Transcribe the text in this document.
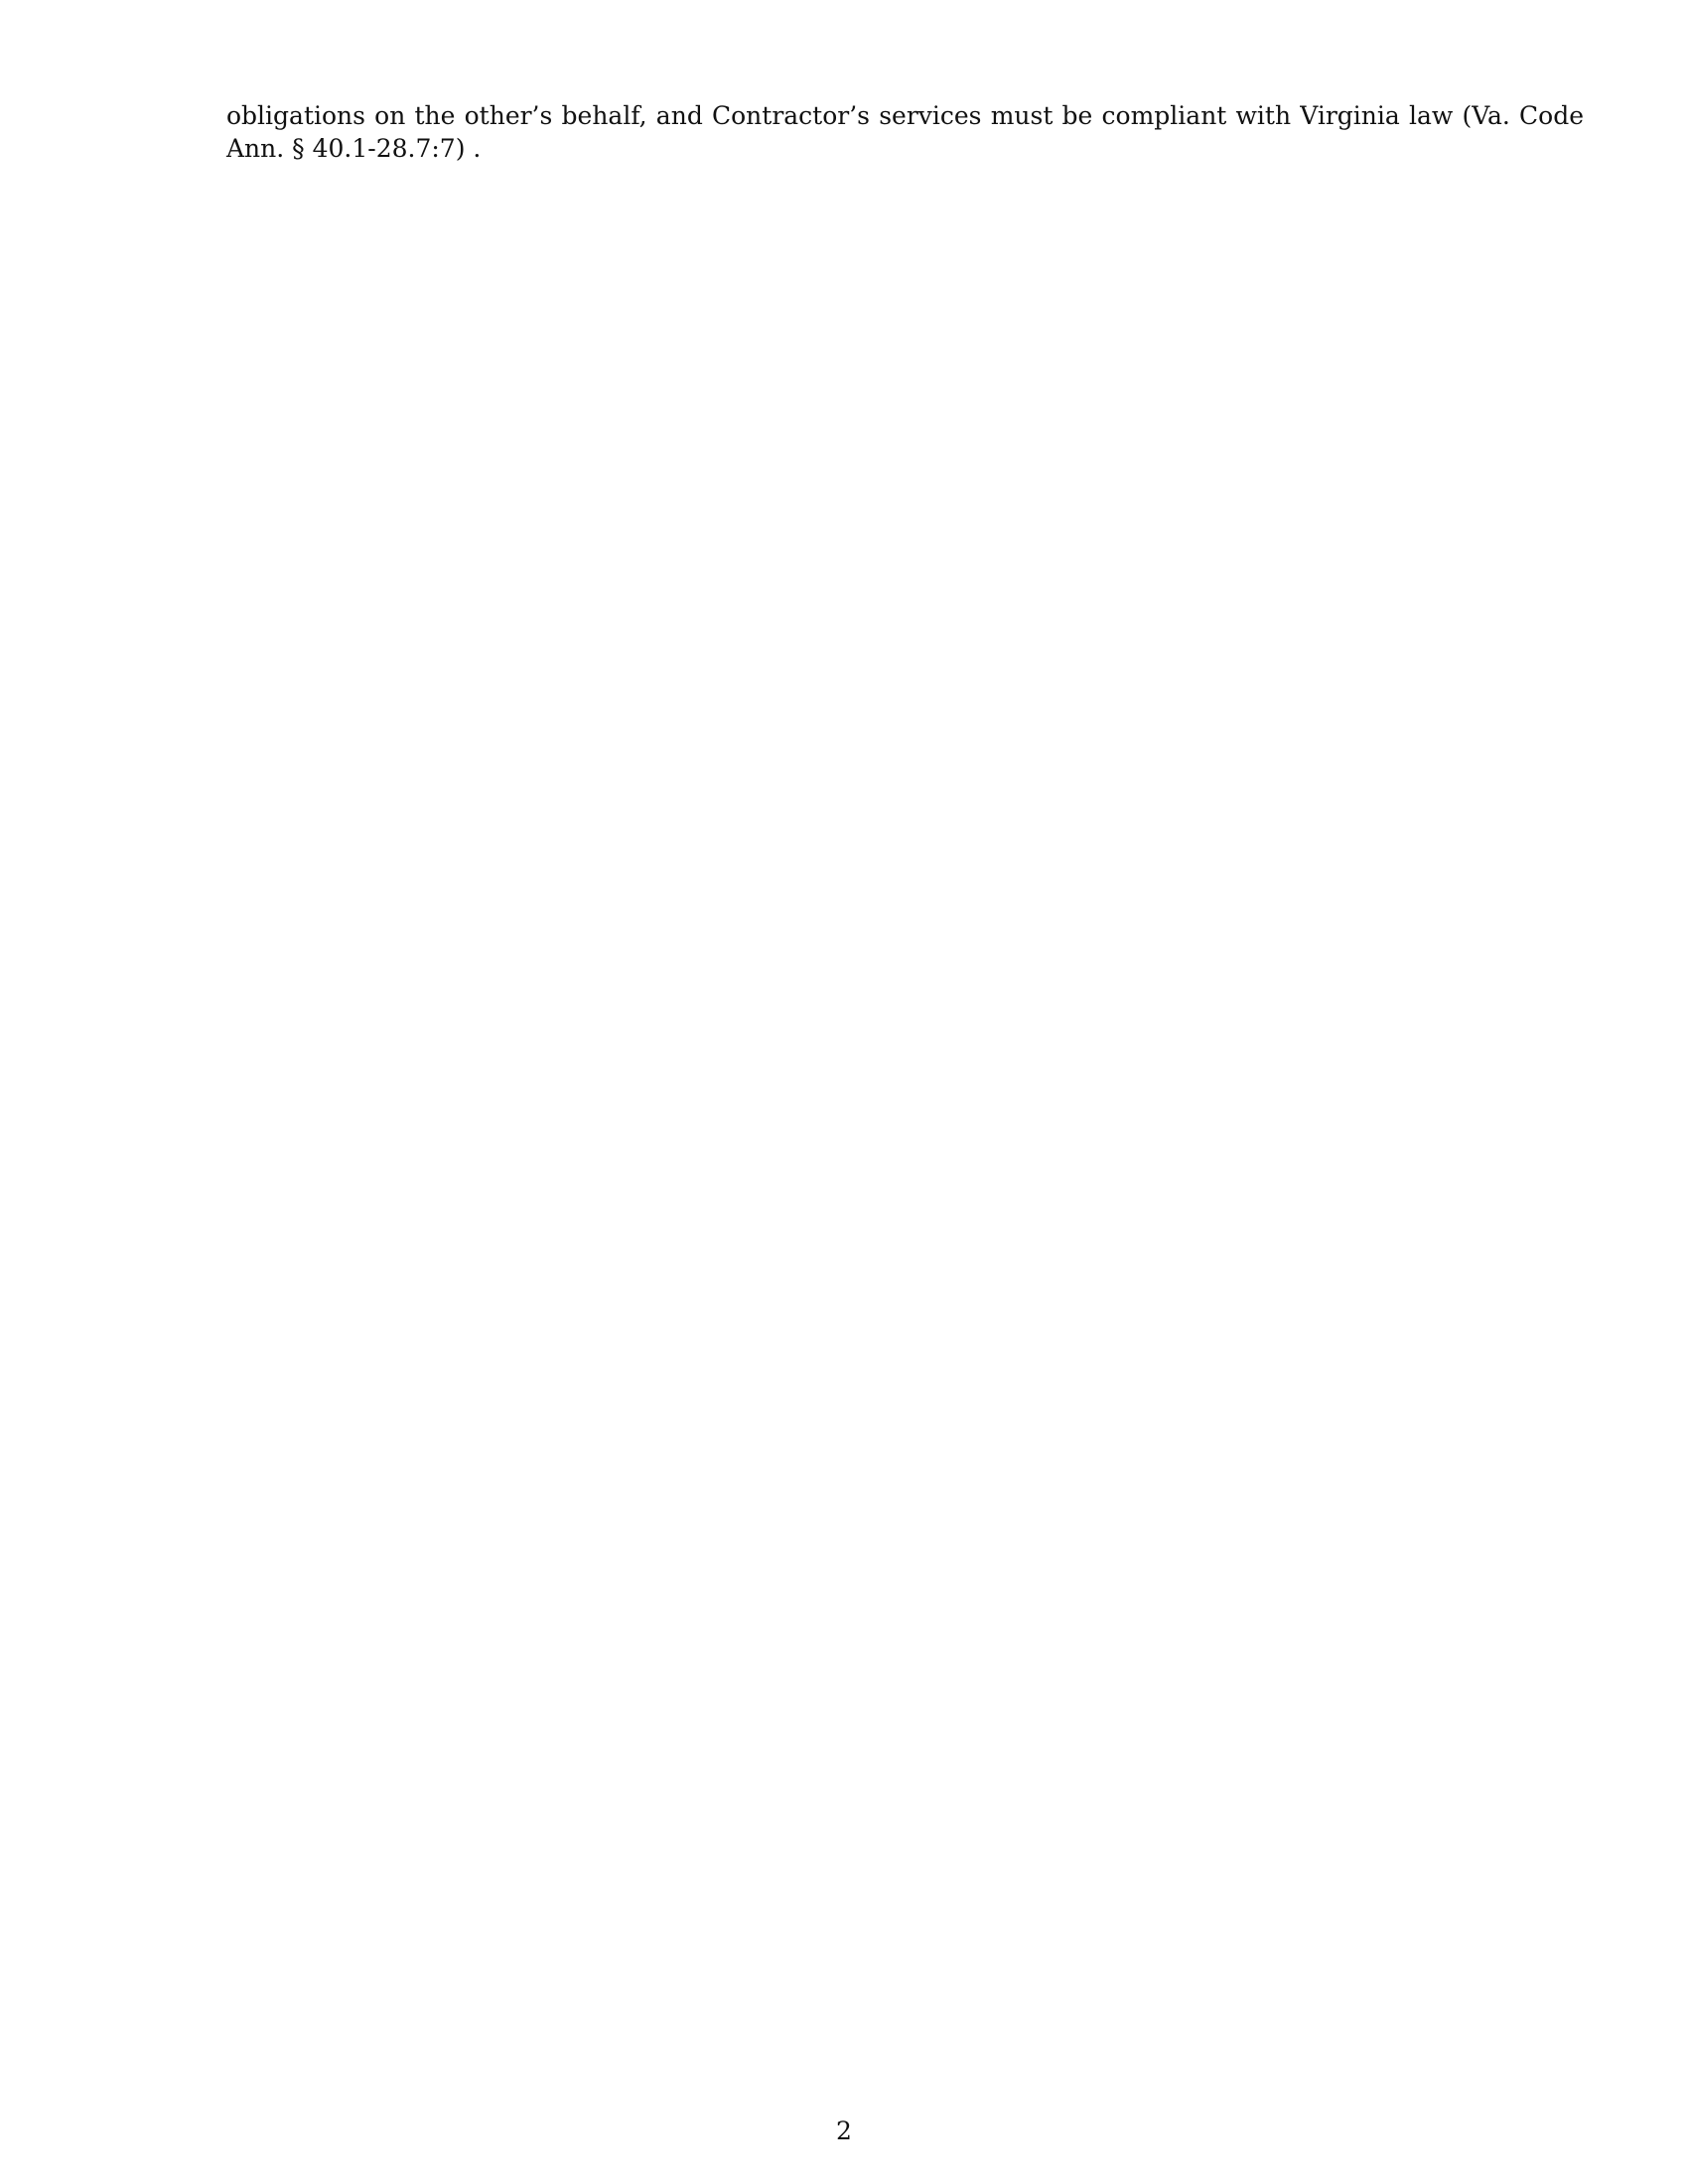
obligations on the other’s behalf, and Contractor’s services must be compliant with Virginia law (Va. Code Ann. § 40.1-28.7:7) .
2
